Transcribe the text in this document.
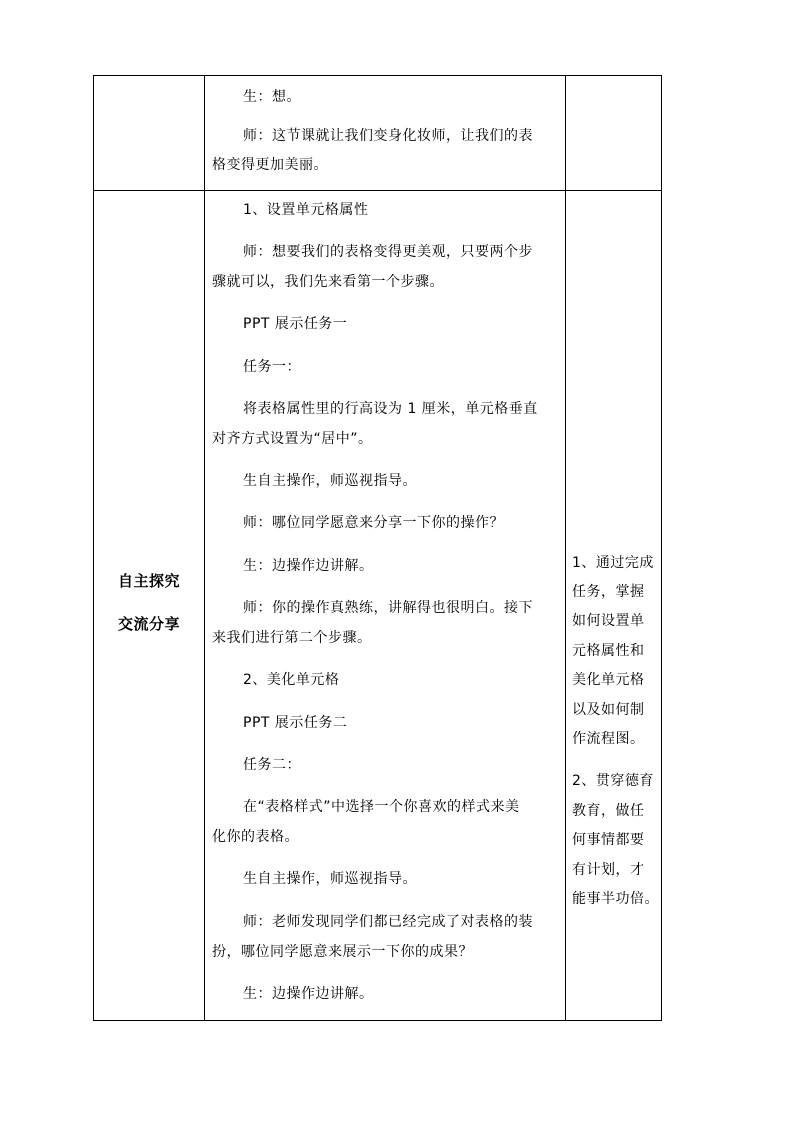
生：想。

师：这节课就让我们变身化妆师，让我们的表

格变得更加美丽。

自主探究

交流分享

1、设置单元格属性

师：想要我们的表格变得更美观，只要两个步

骤就可以，我们先来看第一个步骤。

PPT 展示任务一

任务一：

将表格属性里的行高设为 1 厘米，单元格垂直

对齐方式设置为“居中”。

生自主操作，师巡视指导。

师：哪位同学愿意来分享一下你的操作？

生：边操作边讲解。

师：你的操作真熟练，讲解得也很明白。接下

来我们进行第二个步骤。

2、美化单元格

PPT 展示任务二

任务二：

在“表格样式”中选择一个你喜欢的样式来美

化你的表格。

生自主操作，师巡视指导。

师：老师发现同学们都已经完成了对表格的装

扮，哪位同学愿意来展示一下你的成果？

生：边操作边讲解。

1、通过完成

任务，掌握

如何设置单

元格属性和

美化单元格

以及如何制

作流程图。

2、贯穿德育

教育，做任

何事情都要

有计划，才

能事半功倍。
